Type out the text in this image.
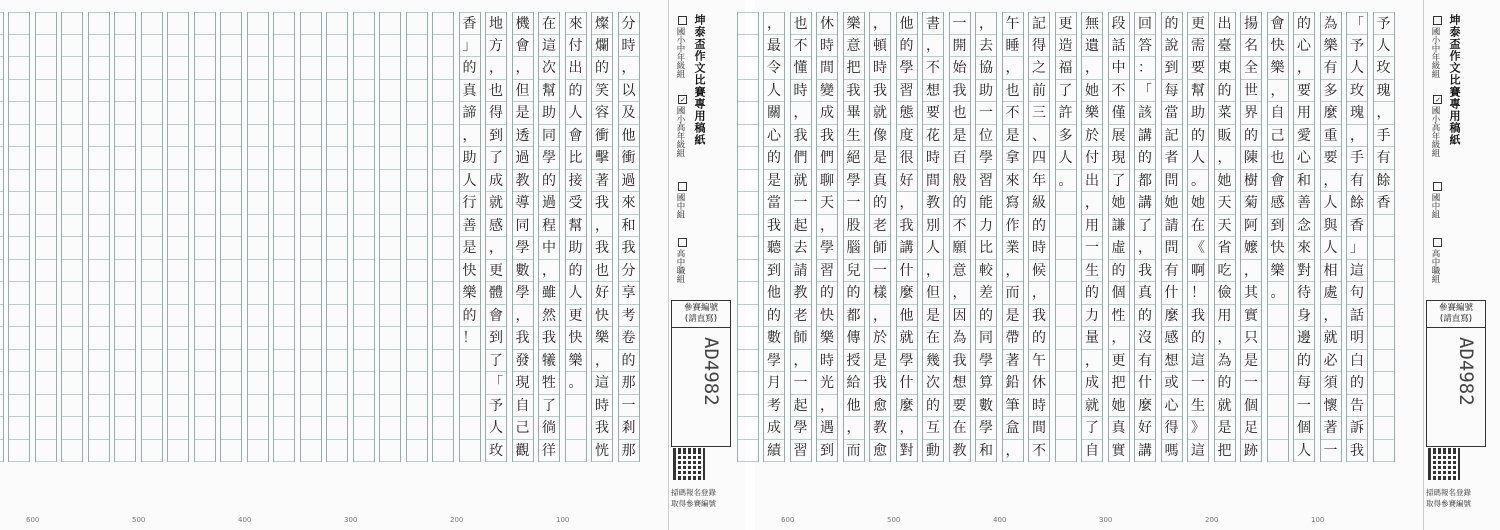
分
時
，
以
及
他
衝
過
來
和
我
分
享
考
卷
的
那
一
剎
那
燦
爛
的
笑
容
衝
擊
著
我
，
我
也
好
快
樂
，
這
時
我
恍
來
付
出
的
人
會
比
接
受
幫
助
的
人
更
快
樂
。
在
這
次
幫
助
同
學
的
過
程
中
，
雖
然
我
犧
牲
了
徜
徉
機
會
，
但
是
透
過
教
導
同
學
數
學
，
我
發
現
自
己
觀
地
方
，
也
得
到
了
成
就
感
，
更
體
會
到
了
「
予
人
玫
香
」
的
真
諦
，
助
人
行
善
是
快
樂
的
！
600	500	400	300	200	100
坤泰盃作文比賽專用稿紙
國小中年級組
✓國小高年級組
國中組
高中職組
參賽編號
(請直寫)
AD4982
掃碼報名登錄
取得參賽編號
予
人
玫
瑰
，
手
有
餘
香
「
予
人
玫
瑰
，
手
有
餘
香
」
這
句
話
明
白
的
告
訴
我
為
樂
有
多
麼
重
要
，
人
與
人
相
處
，
就
必
須
懷
著
一
的
心
，
要
用
愛
心
和
善
念
來
對
待
身
邊
的
每
一
個
人
會
快
樂
，
自
己
也
會
感
到
快
樂
。
揚
名
全
世
界
的
陳
樹
菊
阿
嬤
，
其
實
只
是
一
個
足
跡
出
臺
東
的
菜
販
，
她
天
天
省
吃
儉
用
，
為
的
就
是
把
更
需
要
幫
助
的
人
。
她
在
《
啊
！
我
的
這
一
生
》
這
的
說
到
每
當
記
者
問
她
請
問
有
什
麼
感
想
或
心
得
嗎
回
答
：
「
該
講
的
都
講
了
，
我
真
的
沒
有
什
麼
好
講
段
話
中
不
僅
展
現
了
她
謙
虛
的
個
性
，
更
把
她
真
實
無
遺
，
她
樂
於
付
出
，
用
一
生
的
力
量
，
成
就
了
自
更
造
福
了
許
多
人
。
記
得
之
前
三
、
四
年
級
的
時
候
，
我
的
午
休
時
間
不
午
睡
，
也
不
是
拿
來
寫
作
業
，
而
是
帶
著
鉛
筆
盒
，
，
去
協
助
一
位
學
習
能
力
比
較
差
的
同
學
算
數
學
和
一
開
始
我
也
是
百
般
的
不
願
意
，
因
為
我
想
要
在
教
書
，
不
想
要
花
時
間
教
別
人
，
但
是
在
幾
次
的
互
動
他
的
學
習
態
度
很
好
，
我
講
什
麼
他
就
學
什
麼
，
對
，
頓
時
我
就
像
是
真
的
老
師
一
樣
，
於
是
我
愈
教
愈
樂
意
把
我
畢
生
絕
學
一
股
腦
兒
的
都
傳
授
給
他
，
而
休
時
間
變
成
我
們
聊
天
，
學
習
的
快
樂
時
光
，
遇
到
也
不
懂
時
，
我
們
就
一
起
去
請
教
老
師
，
一
起
學
習
，
最
令
人
關
心
的
是
當
我
聽
到
他
的
數
學
月
考
成
績
600	500	400	300	200	100
坤泰盃作文比賽專用稿紙
國小中年級組
✓國小高年級組
國中組
高中職組
參賽編號
(請直寫)
AD4982
掃碼報名登錄
取得參賽編號
